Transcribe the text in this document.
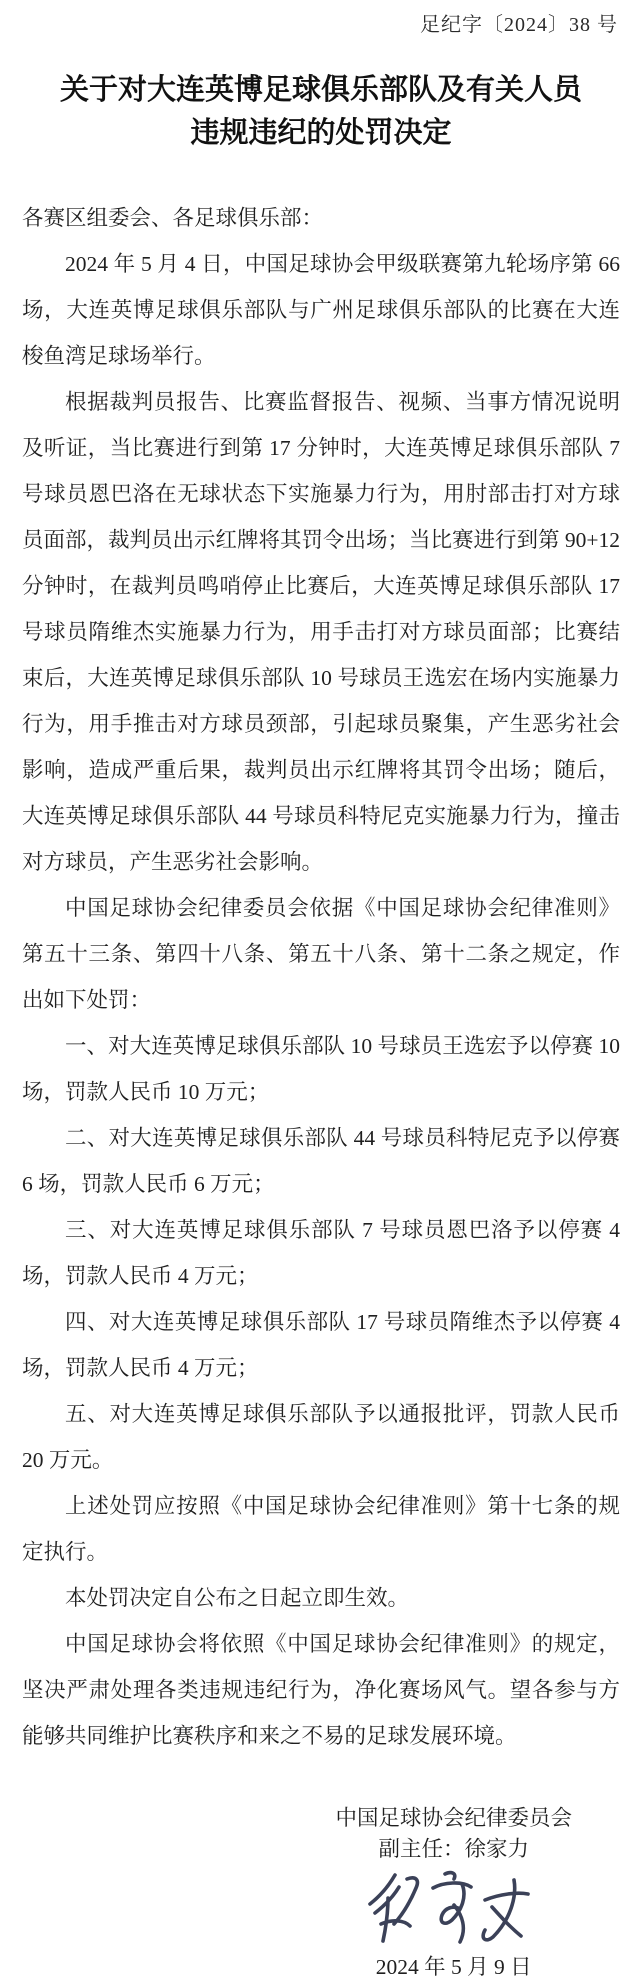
足纪字〔2024〕38 号
关于对大连英博足球俱乐部队及有关人员
违规违纪的处罚决定

各赛区组委会、各足球俱乐部：

2024 年 5 月 4 日，中国足球协会甲级联赛第九轮场序第 66 场，大连英博足球俱乐部队与广州足球俱乐部队的比赛在大连梭鱼湾足球场举行。

根据裁判员报告、比赛监督报告、视频、当事方情况说明及听证，当比赛进行到第 17 分钟时，大连英博足球俱乐部队 7 号球员恩巴洛在无球状态下实施暴力行为，用肘部击打对方球员面部，裁判员出示红牌将其罚令出场；当比赛进行到第 90+12 分钟时，在裁判员鸣哨停止比赛后，大连英博足球俱乐部队 17 号球员隋维杰实施暴力行为，用手击打对方球员面部；比赛结束后，大连英博足球俱乐部队 10 号球员王选宏在场内实施暴力行为，用手推击对方球员颈部，引起球员聚集，产生恶劣社会影响，造成严重后果，裁判员出示红牌将其罚令出场；随后，大连英博足球俱乐部队 44 号球员科特尼克实施暴力行为，撞击对方球员，产生恶劣社会影响。

中国足球协会纪律委员会依据《中国足球协会纪律准则》第五十三条、第四十八条、第五十八条、第十二条之规定，作出如下处罚：

一、对大连英博足球俱乐部队 10 号球员王选宏予以停赛 10 场，罚款人民币 10 万元；

二、对大连英博足球俱乐部队 44 号球员科特尼克予以停赛 6 场，罚款人民币 6 万元；

三、对大连英博足球俱乐部队 7 号球员恩巴洛予以停赛 4 场，罚款人民币 4 万元；

四、对大连英博足球俱乐部队 17 号球员隋维杰予以停赛 4 场，罚款人民币 4 万元；

五、对大连英博足球俱乐部队予以通报批评，罚款人民币 20 万元。

上述处罚应按照《中国足球协会纪律准则》第十七条的规定执行。

本处罚决定自公布之日起立即生效。

中国足球协会将依照《中国足球协会纪律准则》的规定，坚决严肃处理各类违规违纪行为，净化赛场风气。望各参与方能够共同维护比赛秩序和来之不易的足球发展环境。

中国足球协会纪律委员会
副主任：徐家力
2024 年 5 月 9 日
